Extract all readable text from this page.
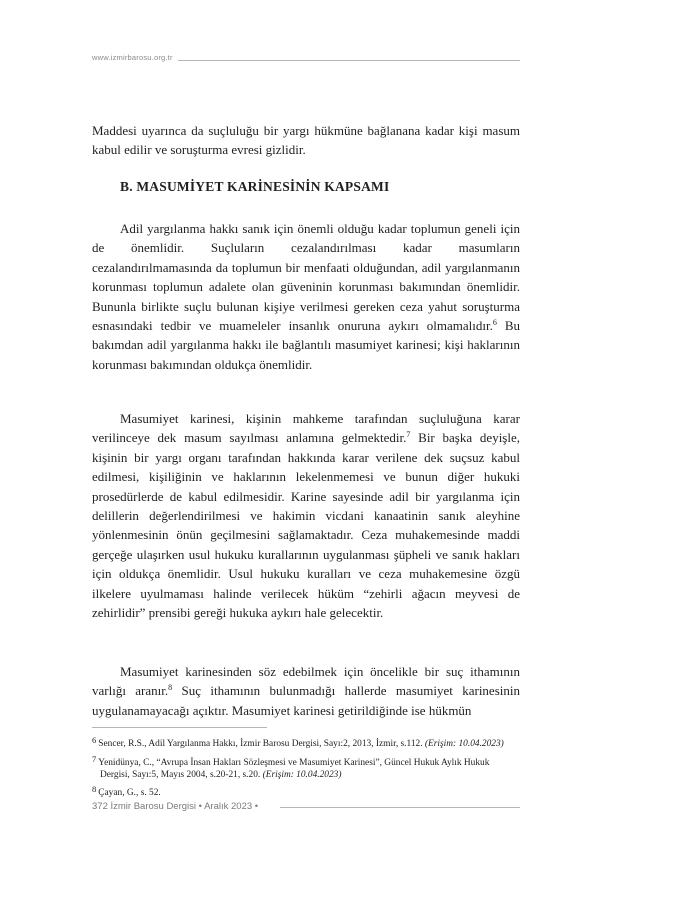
www.izmirbarosu.org.tr
Maddesi uyarınca da suçluluğu bir yargı hükmüne bağlanana kadar kişi masum kabul edilir ve soruşturma evresi gizlidir.
B. MASUMİYET KARİNESİNİN KAPSAMI
Adil yargılanma hakkı sanık için önemli olduğu kadar toplumun geneli için de önemlidir. Suçluların cezalandırılması kadar masumların cezalandırılmamasında da toplumun bir menfaati olduğundan, adil yargılanmanın korunması toplumun adalete olan güveninin korunması bakımından önemlidir. Bununla birlikte suçlu bulunan kişiye verilmesi gereken ceza yahut soruşturma esnasındaki tedbir ve muameleler insanlık onuruna aykırı olmamalıdır.$^6$ Bu bakımdan adil yargılanma hakkı ile bağlantılı masumiyet karinesi; kişi haklarının korunması bakımından oldukça önemlidir.
Masumiyet karinesi, kişinin mahkeme tarafından suçluluğuna karar verilinceye dek masum sayılması anlamına gelmektedir.$^7$ Bir başka deyişle, kişinin bir yargı organı tarafından hakkında karar verilene dek suçsuz kabul edilmesi, kişiliğinin ve haklarının lekelenmemesi ve bunun diğer hukuki prosedürlerde de kabul edilmesidir. Karine sayesinde adil bir yargılanma için delillerin değerlendirilmesi ve hakimin vicdani kanaatinin sanık aleyhine yönlenmesinin önün geçilmesini sağlamaktadır. Ceza muhakemesinde maddi gerçeğe ulaşırken usul hukuku kurallarının uygulanması şüpheli ve sanık hakları için oldukça önemlidir. Usul hukuku kuralları ve ceza muhakemesine özgü ilkelere uyulmaması halinde verilecek hüküm “zehirli ağacın meyvesi de zehirlidir” prensibi gereği hukuka aykırı hale gelecektir.
Masumiyet karinesinden söz edebilmek için öncelikle bir suç ithamının varlığı aranır.$^8$ Suç ithamının bulunmadığı hallerde masumiyet karinesinin uygulanamayacağı açıktır. Masumiyet karinesi getirildiğinde ise hükmün
6 Sencer, R.S., Adil Yargılanma Hakkı, İzmir Barosu Dergisi, Sayı:2, 2013, İzmir, s.112. (Erişim: 10.04.2023)
7 Yenidünya, C., “Avrupa İnsan Hakları Sözleşmesi ve Masumiyet Karinesi”, Güncel Hukuk Aylık Hukuk
Dergisi, Sayı:5, Mayıs 2004, s.20-21, s.20. (Erişim: 10.04.2023)
8 Çayan, G., s. 52.
372 İzmir Barosu Dergisi • Aralık 2023 •
